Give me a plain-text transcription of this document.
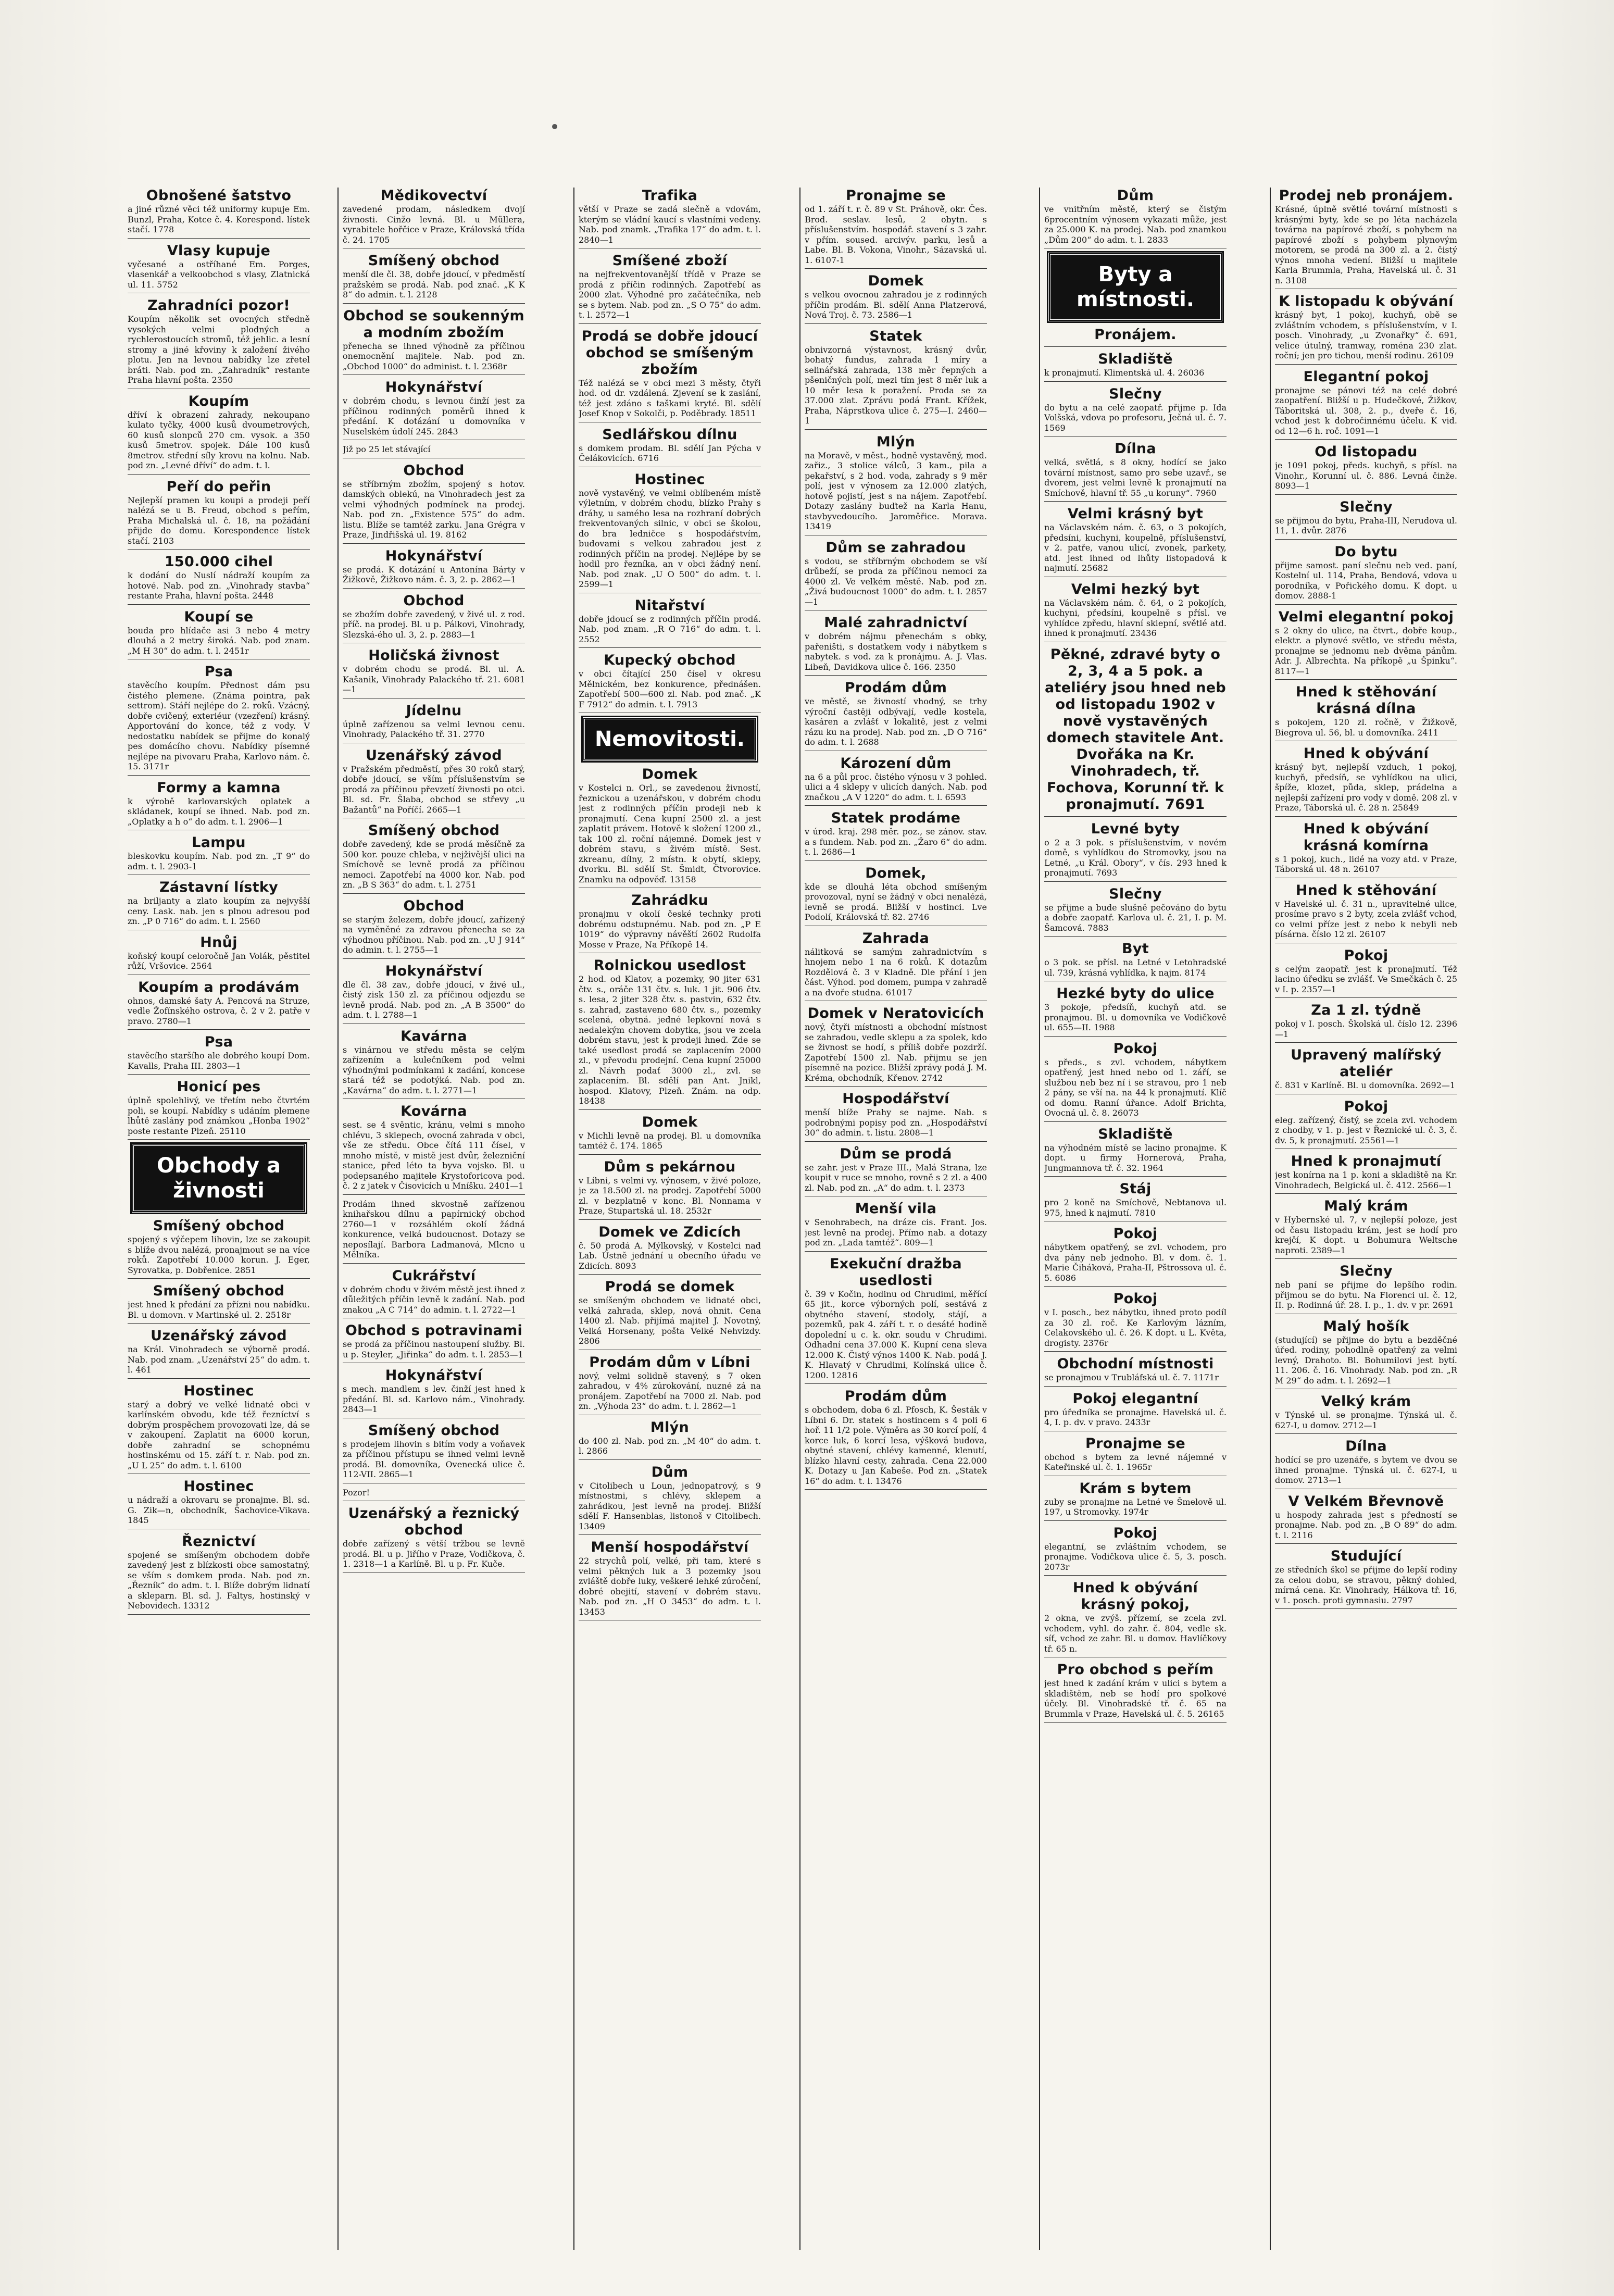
Obnošené šatstvo
a jiné různé věci též uniformy kupuje Em. Bunzl, Praha, Kotce č. 4. Korespond. lístek stačí. 1778
Vlasy kupuje
vyčesané a ostříhané Em. Porges, vlasenkář a velkoobchod s vlasy, Zlatnická ul. 11. 5752
Zahradníci pozor!
Koupím několik set ovocných středně vysokých velmi plodných a rychlerostoucích stromů, též jehlic. a lesní stromy a jiné křoviny k založení živého plotu. Jen na levnou nabídky lze zřetel bráti. Nab. pod zn. „Zahradník“ restante Praha hlavní pošta. 2350
Koupím
dříví k obrazení zahrady, nekoupano kulato tyčky, 4000 kusů dvoumetrových, 60 kusů slonpců 270 cm. vysok. a 350 kusů 5metrov. spojek. Dále 100 kusů 8metrov. střední síly krovu na kolnu. Nab. pod zn. „Levné dříví“ do adm. t. l.
Peří do peřin
Nejlepší pramen ku koupi a prodeji peří nalézá se u B. Freud, obchod s peřím, Praha Michalská ul. č. 18, na požádání přijde do domu. Korespondence lístek stačí. 2103
150.000 cihel
k dodání do Nuslí nádraží koupím za hotové. Nab. pod zn. „Vinohrady stavba“ restante Praha, hlavní pošta. 2448
Koupí se
bouda pro hlídače asi 3 nebo 4 metry dlouhá a 2 metry široká. Nab. pod znam. „M H 30“ do adm. t. l. 2451r
Psa
stavěcího koupím. Přednost dám psu čistého plemene. (Známa pointra, pak settrom). Stáří nejlépe do 2. roků. Vzácný, dobře cvičený, exteriéur (vzezření) krásný. Apportování do konce, též z vody. V nedostatku nabídek se přijme do konalý pes domácího chovu. Nabídky písemné nejlépe na pivovaru Praha, Karlovo nám. č. 15. 3171r
Formy a kamna
k výrobě karlovarských oplatek a skládanek, koupí se ihned. Nab. pod zn. „Oplatky a h o“ do adm. t. l. 2906—1
Lampu
bleskovku koupím. Nab. pod zn. „T 9“ do adm. t. l. 2903-1
Zástavní lístky
na briljanty a zlato koupím za nejvyšší ceny. Lask. nab. jen s plnou adresou pod zn. „P 0 716“ do adm. t. l. 2560
Hnůj
koňský koupí celoročně Jan Volák, pěstitel růží, Vršovice. 2564
Koupím a prodávám
ohnos, damské šaty A. Pencová na Struze, vedle Žofínského ostrova, č. 2 v 2. patře v pravo. 2780—1
Psa
stavěcího staršího ale dobrého koupí Dom. Kavalls, Praha III. 2803—1
Honicí pes
úplně spolehlivý, ve třetím nebo čtvrtém poli, se koupí. Nabídky s udáním plemene lhůtě zaslány pod známkou „Honba 1902“ poste restante Plzeň. 25110
Obchody a živnosti
Smíšený obchod
spojený s výčepem lihovin, lze se zakoupit s blíže dvou nalézá, pronajmout se na více roků. Zapotřebí 10.000 korun. J. Eger, Syrovatka, p. Dobřenice. 2851
Smíšený obchod
jest hned k předání za přízni nou nabídku. Bl. u domovn. v Martinské ul. 2. 2518r
Uzenářský závod
na Král. Vinohradech se výborně prodá. Nab. pod znam. „Uzenářství 25“ do adm. t. l. 461
Hostinec
starý a dobrý ve velké lidnaté obci v karlínském obvodu, kde též řezníctví s dobrým prospěchem provozovati lze, dá se v zakoupení. Zaplatit na 6000 korun, dobře zahradní se schopnému hostinskému od 15. září t. r. Nab. pod zn. „U L 25“ do adm. t. l. 6100
Hostinec
u nádraží a okrovaru se pronajme. Bl. sd. G. Zik—n, obchodník, Šachovice-Vikava. 1845
Řeznictví
spojené se smíšeným obchodem dobře zavedený jest z blízkosti obce samostatný, se vším s domkem proda. Nab. pod zn. „Řezník“ do adm. t. l. Blíže dobrým lidnatí a skleparn. Bl. sd. J. Faltys, hostinský v Nebovidech. 13312
Mědikovectví
zavedené prodam, následkem dvojí živnosti. Cinžo levná. Bl. u Müllera, vyrabitele hořčice v Praze, Královská třída č. 24. 1705
Smíšený obchod
menší dle čl. 38, dobře jdoucí, v předměstí pražském se prodá. Nab. pod znač. „K K 8“ do admin. t. l. 2128
Obchod se soukenným a modním zbožím
přenecha se ihned výhodně za příčinou onemocnění majitele. Nab. pod zn. „Obchod 1000“ do administ. t. l. 2368r
Hokynářství
v dobrém chodu, s levnou činží jest za příčinou rodinných poměrů ihned k předání. K dotázání u domovníka v Nuselském údolí 245. 2843
Již po 25 let stávající
Obchod
se stříbrným zbožím, spojený s hotov. damských oblekú, na Vinohradech jest za velmi výhodných podmínek na prodej. Nab. pod zn. „Existence 575“ do adm. listu. Blíže se tamtéž zarku. Jana Grégra v Praze, Jindřišská ul. 19. 8162
Hokynářství
se prodá. K dotázání u Antonína Bárty v Žižkově, Žižkovo nám. č. 3, 2. p. 2862—1
Obchod
se zbožím dobře zavedený, v živé ul. z rod. příč. na prodej. Bl. u p. Pálkovi, Vinohrady, Slezská-ého ul. 3, 2. p. 2883—1
Holičská živnost
v dobrém chodu se prodá. Bl. ul. A. Kašanik, Vinohrady Palackého tř. 21. 6081—1
Jídelnu
úplně zařízenou sa velmi levnou cenu. Vinohrady, Palackého tř. 31. 2770
Uzenářský závod
v Pražském předměstí, přes 30 roků starý, dobře jdoucí, se vším příslušenstvím se prodá za příčinou převzetí živnosti po otci. Bl. sd. Fr. Šlaba, obchod se střevy „u Bažantů“ na Poříčí. 2665—1
Smíšený obchod
dobře zavedený, kde se prodá měsíčně za 500 kor. pouze chleba, v nejživější ulici na Smíchově se levně prodá za příčinou nemoci. Zapotřebí na 4000 kor. Nab. pod zn. „B S 363“ do adm. t. l. 2751
Obchod
se starým železem, dobře jdoucí, zařízený na vyměněné za zdravou přenecha se za výhodnou příčinou. Nab. pod zn. „U J 914“ do admin. t. l. 2755—1
Hokynářství
dle čl. 38 zav., dobře jdoucí, v živé ul., čistý zisk 150 zl. za příčinou odjezdu se levně prodá. Nab. pod zn. „A B 3500“ do adm. t. l. 2788—1
Kavárna
s vinárnou ve středu města se celým zařízením a kulečníkem pod velmi výhodnými podmínkami k zadání, koncese stará též se podotýká. Nab. pod zn. „Kavárna“ do adm. t. l. 2771—1
Kovárna
sest. se 4 svěntic, kránu, velmi s mnoho chlévu, 3 sklepech, ovocná zahrada v obci, vše ze středu. Obce čítá 111 čísel, v mnoho místě, v mistě jest dvůr, železniční stanice, před léto ta byva vojsko. Bl. u podepsaného majitele Krystoforicova pod. č. 2 z jatek v Čisovicích u Mníšku. 2401—1
Prodám ihned skvostně zařízenou knihařskou dílnu a papírnický obchod 2760—1 v rozsáhlém okolí žádná konkurence, velká budoucnost. Dotazy se neposílají. Barbora Ladmanová, Mlcno u Mělníka.
Cukrářství
v dobrém chodu v živém městě jest ihned z důležitých příčin levně k zadání. Nab. pod znakou „A C 714“ do admin. t. l. 2722—1
Obchod s potravinami
se prodá za příčinou nastoupení služby. Bl. u p. Steyler, „Jiřinka“ do adm. t. l. 2853—1
Hokynářství
s mech. mandlem s lev. činží jest hned k předání. Bl. sd. Karlovo nám., Vinohrady. 2843—1
Smíšený obchod
s prodejem lihovin s bitím vody a voňavek za příčinou přístupu se ihned velmi levně prodá. Bl. domovníka, Ovenecká ulice č. 112-VII. 2865—1
Pozor!
Uzenářský a řeznický obchod
dobře zařízený s větší tržbou se levně prodá. Bl. u p. Jiřího v Praze, Vodičkova, č. 1. 2318—1 a Karlíně. Bl. u p. Fr. Kuče.
Trafika
větší v Praze se zadá slečně a vdovám, kterým se vládní kaucí s vlastními vedeny. Nab. pod znamk. „Trafika 17“ do adm. t. l. 2840—1
Smíšené zboží
na nejfrekventovanější třídě v Praze se prodá z příčin rodinných. Zapotřebí as 2000 zlat. Výhodné pro začátečníka, neb se s bytem. Nab. pod zn. „S O 75“ do adm. t. l. 2572—1
Prodá se dobře jdoucí obchod se smíšeným zbožím
Též nalézá se v obci mezi 3 městy, čtyři hod. od dr. vzdálená. Zjevení se k zaslání, též jest zdáno s taškami kryté. Bl. sdělí Josef Knop v Sokolči, p. Poděbrady. 18511
Sedlářskou dílnu
s domkem prodam. Bl. sdělí Jan Pýcha v Čelákovicích. 6716
Hostinec
nově vystavěný, ve velmi oblíbeném místě výletním, v dobrém chodu, blízko Prahy s dráhy, u samého lesa na rozhraní dobrých frekventovaných silnic, v obci se školou, do bra ledničce s hospodářstvím, budovami s velkou zahradou jest z rodinných příčin na prodej. Nejlépe by se hodil pro řezníka, an v obci žádný není. Nab. pod znak. „U O 500“ do adm. t. l. 2599—1
Nitařství
dobře jdoucí se z rodinných příčin prodá. Nab. pod znam. „R O 716“ do adm. t. l. 2552
Kupecký obchod
v obci čítající 250 čísel v okresu Mělnickém, bez konkurence, přednášen. Zapotřebí 500—600 zl. Nab. pod znač. „K F 7912“ do admin. t. l. 7913
Nemovitosti.
Domek
v Kostelci n. Orl., se zavedenou živností, řeznickou a uzenářskou, v dobrém chodu jest z rodinných příčin prodeji neb k pronajmutí. Cena kupní 2500 zl. a jest zaplatit právem. Hotově k složení 1200 zl., tak 100 zl. roční nájemné. Domek jest v dobrém stavu, s živém místě. Sest. zkreanu, dílny, 2 místn. k obytí, sklepy, dvorku. Bl. sdělí St. Šmidt, Čtvorovice. Znamku na odpověď. 13158
Zahrádku
pronajmu v okolí české technky proti dobrému odstupnému. Nab. pod zn. „P E 1019“ do výpravny návěští 2602 Rudolfa Mosse v Praze, Na Příkopě 14.
Rolnickou usedlost
2 hod. od Klatov, a pozemky, 90 jiter 631 čtv. s., oráče 131 čtv. s. luk. 1 jit. 906 čtv. s. lesa, 2 jiter 328 čtv. s. pastvin, 632 čtv. s. zahrad, zastaveno 680 čtv. s., pozemky scelená, obytná. jedné lepkovní nová s nedalekým chovem dobytka, jsou ve zcela dobrém stavu, jest k prodeji hned. Zde se také usedlost prodá se zaplacením 2000 zl., v převodu prodejní. Cena kupní 25000 zl. Návrh podať 3000 zl., zvl. se zaplacením. Bl. sdělí pan Ant. Jnikl, hospod. Klatovy, Plzeň. Znám. na odp. 18438
Domek
v Michli levně na prodej. Bl. u domovníka tamtéž č. 174. 1865
Dům s pekárnou
v Líbni, s velmi vy. výnosem, v živé poloze, je za 18.500 zl. na prodej. Zapotřebí 5000 zl. v bezplatně v konc. Bl. Nonnama v Praze, Stupartská ul. 18. 2532r
Domek ve Zdicích
č. 50 prodá A. Mýlkovský, v Kostelci nad Lab. Ústně jednání u obecního úřadu ve Zdicích. 8093
Prodá se domek
se smíšeným obchodem ve lidnaté obci, velká zahrada, sklep, nová ohnit. Cena 1400 zl. Nab. přijímá majitel J. Novotný, Velká Horsenany, pošta Velké Nehvizdy. 2806
Prodám dům v Líbni
nový, velmi solidně stavený, s 7 oken zahradou, v 4% zúrokování, nuzné zá na pronájem. Zapotřebí na 7000 zl. Nab. pod zn. „Výhoda 23“ do adm. t. l. 2862—1
Mlýn
do 400 zl. Nab. pod zn. „M 40“ do adm. t. l. 2866
Dům
v Citolibech u Loun, jednopatrový, s 9 místnostmi, s chlévy, sklepem a zahrádkou, jest levně na prodej. Bližší sdělí F. Hansenblas, listonoš v Citolibech. 13409
Menší hospodářství
22 strychů polí, velké, při tam, které s velmi pěkných luk a 3 pozemky jsou zvláště dobře luky, veškeré lehké zúročení, dobré obejití, stavení v dobrém stavu. Nab. pod zn. „H O 3453“ do adm. t. l. 13453
Pronajme se
od 1. září t. r. č. 89 v St. Práhově, okr. Čes. Brod. seslav. lesů, 2 obytn. s příslušenstvím. hospodář. stavení s 3 zahr. v přím. soused. arcivýv. parku, lesů a Labe. Bl. B. Vokona, Vinohr., Sázavská ul. 1. 6107-1
Domek
s velkou ovocnou zahradou je z rodinných příčin prodám. Bl. sdělí Anna Platzerová, Nová Troj. č. 73. 2586—1
Statek
obnivzorná výstavnost, krásný dvůr, bohatý fundus, zahrada 1 míry a selinářská zahrada, 138 měr řepných a pšeničných polí, mezi tím jest 8 měr luk a 10 měr lesa k poražení. Proda se za 37.000 zlat. Zprávu podá Frant. Křížek, Praha, Náprstkova ulice č. 275—I. 2460—1
Mlýn
na Moravě, v měst., hodně vystavěný, mod. zařiz., 3 stolice válců, 3 kam., pila a pekařství, s 2 hod. voda, zahrady s 9 měr polí, jest v výnosem za 12.000 zlatých, hotově pojistí, jest s na nájem. Zapotřebí. Dotazy zaslány buďtež na Karla Hanu, stavbyvedoucího. Jaroměřice. Morava. 13419
Dům se zahradou
s vodou, se stříbrným obchodem se vší drůbeží, se proda za příčinou nemoci za 4000 zl. Ve velkém městě. Nab. pod zn. „Živá budoucnost 1000“ do adm. t. l. 2857—1
Malé zahradnictví
v dobrém nájmu přenechám s obky, pařeništi, s dostatkem vody i nábytkem s nabytek. s vod. za k pronájmu. A. J. Vlas. Libeň, Davidkova ulice č. 166. 2350
Prodám dům
ve městě, se živností vhodný, se trhy výroční častěji odbývají, vedle kostela, kasáren a zvlášť v lokalitě, jest z velmi rázu ku na prodej. Nab. pod zn. „D O 716“ do adm. t. l. 2688
Kárození dům
na 6 a půl proc. čistého výnosu v 3 pohled. ulici a 4 sklepy v ulicích daných. Nab. pod značkou „A V 1220“ do adm. t. l. 6593
Statek prodáme
v úrod. kraj. 298 měr. poz., se zánov. stav. a s fundem. Nab. pod zn. „Žaro 6“ do adm. t. l. 2686—1
Domek,
kde se dlouhá léta obchod smíšeným provozoval, nyní se žádný v obci nenalézá, levně se prodá. Bližší v hostinci. Lve Podolí, Královská tř. 82. 2746
Zahrada
nálitková se samým zahradnictvím s hnojem nebo 1 na 6 roků. K dotazům Rozdělová č. 3 v Kladně. Dle přání i jen část. Výhod. pod domem, pumpa v zahradě a na dvoře studna. 61017
Domek v Neratovicích
nový, čtyři místnosti a obchodní místnost se zahradou, vedle sklepu a za spolek, kdo se živnost se hodí, s příliš dobře pozdrží. Zapotřebí 1500 zl. Nab. přijmu se jen písemně na pozice. Bližší zprávy podá J. M. Kréma, obchodník, Křenov. 2742
Hospodářství
menší blíže Prahy se najme. Nab. s podrobnými popisy pod zn. „Hospodářství 30“ do admin. t. listu. 2808—1
Dům se prodá
se zahr. jest v Praze III., Malá Strana, lze koupit v ruce se mnoho, rovně s 2 zl. a 400 zl. Nab. pod zn. „A“ do adm. t. l. 2373
Menší vila
v Senohrabech, na dráze cis. Frant. Jos. jest levně na prodej. Přímo nab. a dotazy pod zn. „Lada tamtéž“. 809—1
Exekuční dražba usedlosti
č. 39 v Kočin, hodinu od Chrudimi, měřící 65 jit., korce výborných polí, sestává z obytného stavení, stodoly, stájí, a pozemků, pak 4. září t. r. o desáté hodině dopolední u c. k. okr. soudu v Chrudimi. Odhadní cena 37.000 K. Kupní cena sleva 12.000 K. Čistý výnos 1400 K. Nab. podá J. K. Hlavatý v Chrudimi, Kolínská ulice č. 1200. 12816
Prodám dům
s obchodem, doba 6 zl. Pfosch, K. Šesták v Líbni 6. Dr. statek s hostincem s 4 poli 6 hoř. 11 1/2 pole. Výměra as 30 korcí polí, 4 korce luk, 6 korcí lesa, výšková budova, obytné stavení, chlévy kamenné, klenutí, blízko hlavní cesty, zahrada. Cena 22.000 K. Dotazy u Jan Kabeše. Pod zn. „Statek 16“ do adm. t. l. 13476
Dům
ve vnitřním městě, který se čistým 6procentním výnosem vykazati může, jest za 25.000 K. na prodej. Nab. pod znamkou „Dům 200“ do adm. t. l. 2833
Byty a místnosti.
Pronájem.
Skladiště
k pronajmutí. Klimentská ul. 4. 26036
Slečny
do bytu a na celé zaopatř. přijme p. Ida Volšská, vdova po profesoru, Ječná ul. č. 7. 1569
Dílna
velká, světlá, s 8 okny, hodící se jako tovární místnost, samo pro sebe uzavř., se dvorem, jest velmi levně k pronajmutí na Smíchově, hlavní tř. 55 „u koruny“. 7960
Velmi krásný byt
na Václavském nám. č. 63, o 3 pokojích, předsíni, kuchyni, koupelně, příslušenství, v 2. patře, vanou ulicí, zvonek, parkety, atd. jest ihned od lhůty listopadová k najmutí. 25682
Velmi hezký byt
na Václavském nám. č. 64, o 2 pokojích, kuchyni, předsíni, koupelně s přísl. ve vyhlídce zpředu, hlavní sklepní, světlé atd. ihned k pronajmutí. 23436
Pěkné, zdravé byty o 2, 3, 4 a 5 pok. a ateliéry jsou hned neb od listopadu 1902 v nově vystavěných domech stavitele Ant. Dvořáka na Kr. Vinohradech, tř. Fochova, Korunní tř. k pronajmutí. 7691
Levné byty
o 2 a 3 pok. s příslušenstvím, v novém domě, s vyhlídkou do Stromovky, jsou na Letné, „u Král. Obory“, v čís. 293 hned k pronajmutí. 7693
Slečny
se přijme a bude slušně pečováno do bytu a dobře zaopatř. Karlova ul. č. 21, I. p. M. Šamcová. 7883
Byt
o 3 pok. se přísl. na Letné v Letohradské ul. 739, krásná vyhlídka, k najm. 8174
Hezké byty do ulice
3 pokoje, předsíň, kuchyň atd. se pronajmou. Bl. u domovníka ve Vodičkově ul. 655—II. 1988
Pokoj
s předs., s zvl. vchodem, nábytkem opatřený, jest hned nebo od 1. září, se službou neb bez ní i se stravou, pro 1 neb 2 pány, se vší na. na 44 k pronajmutí. Klíč od domu. Ranní úřance. Adolf Brichta, Ovocná ul. č. 8. 26073
Skladiště
na výhodném místě se lacino pronajme. K dopt. u firmy Hornerová, Praha, Jungmannova tř. č. 32. 1964
Stáj
pro 2 koně na Smíchově, Nebtanova ul. 975, hned k najmutí. 7810
Pokoj
nábytkem opatřený, se zvl. vchodem, pro dva pány neb jednoho. Bl. v dom. č. 1. Marie Čiháková, Praha-II, Pštrossova ul. č. 5. 6086
Pokoj
v I. posch., bez nábytku, ihned proto podíl za 30 zl. roč. Ke Karlovým lázním, Celakovského ul. č. 26. K dopt. u L. Květa, drogisty. 2376r
Obchodní místnosti
se pronajmou v Trubláfská ul. č. 7. 1171r
Pokoj elegantní
pro úředníka se pronajme. Havelská ul. č. 4, I. p. dv. v pravo. 2433r
Pronajme se
obchod s bytem za levné nájemné v Kateřinské ul. č. 1. 1965r
Krám s bytem
zuby se pronajme na Letné ve Šmelově ul. 197, u Stromovky. 1974r
Pokoj
elegantní, se zvláštním vchodem, se pronajme. Vodičkova ulice č. 5, 3. posch. 2073r
Hned k obývání krásný pokoj,
2 okna, ve zvýš. přízemí, se zcela zvl. vchodem, vyhl. do zahr. č. 804, vedle sk. síť, vchod ze zahr. Bl. u domov. Havlíčkovy tř. 65 n.
Pro obchod s peřím
jest hned k zadání krám v ulici s bytem a skladištěm, neb se hodí pro spolkové účely. Bl. Vinohradské tř. č. 65 na Brummla v Praze, Havelská ul. č. 5. 26165
Prodej neb pronájem.
Krásné, úplně světlé tovární místnosti s krásnými byty, kde se po léta nacházela továrna na papírové zboží, s pohybem na papírové zboží s pohybem plynovým motorem, se prodá na 300 zl. a 2. čistý výnos mnoha vedení. Bližší u majitele Karla Brummla, Praha, Havelská ul. č. 31 n. 3108
K listopadu k obývání
krásný byt, 1 pokoj, kuchyň, obě se zvláštním vchodem, s příslušenstvím, v I. posch. Vinohrady, „u Zvonařky“ č. 691, velice útulný, tramway, roména 230 zlat. roční; jen pro tichou, menší rodinu. 26109
Elegantní pokoj
pronajme se pánovi též na celé dobré zaopatření. Bližší u p. Hudečkové, Žižkov, Táboritská ul. 308, 2. p., dveře č. 16, vchod jest k dobročinnému účelu. K vid. od 12—6 h. roč. 1091—1
Od listopadu
je 1091 pokoj, předs. kuchyň, s přísl. na Vinohr., Korunní ul. č. 886. Levná činže. 8093—1
Slečny
se přijmou do bytu, Praha-III, Nerudova ul. 11, 1. dvůr. 2876
Do bytu
přijme samost. paní slečnu neb ved. paní, Kostelní ul. 114, Praha, Bendová, vdova u porodníka, v Pořického domu. K dopt. u domov. 2888-1
Velmi elegantní pokoj
s 2 okny do ulice, na čtvrt., dobře koup., elektr. a plynové světlo, ve středu města, pronajme se jednomu neb dvěma pánům. Adr. J. Albrechta. Na příkopě „u Špinku“. 8117—1
Hned k stěhování krásná dílna
s pokojem, 120 zl. ročně, v Žižkově, Biegrova ul. 56, bl. u domovníka. 2411
Hned k obývání
krásný byt, nejlepší vzduch, 1 pokoj, kuchyň, předsíň, se vyhlídkou na ulici, špíže, klozet, půda, sklep, prádelna a nejlepší zařízení pro vody v domě. 208 zl. v Praze, Táborská ul. č. 28 n. 25849
Hned k obývání krásná komírna
s 1 pokoj, kuch., lidé na vozy atd. v Praze, Táborská ul. 48 n. 26107
Hned k stěhování
v Havelské ul. č. 31 n., upravitelné ulice, prosíme pravo s 2 byty, zcela zvlášť vchod, co velmi příze jest z nebo k nebyli neb písárna. číslo 12 zl. 26107
Pokoj
s celým zaopatř. jest k pronajmutí. Též lacino úředku se zvlášť. Ve Smečkách č. 25 v I. p. 2357—1
Za 1 zl. týdně
pokoj v I. posch. Školská ul. číslo 12. 2396—1
Upravený malířský ateliér
č. 831 v Karlíně. Bl. u domovníka. 2692—1
Pokoj
eleg. zařízený, čistý, se zcela zvl. vchodem z chodby, v 1. p. jest v Řeznické ul. č. 3, č. dv. 5, k pronajmutí. 25561—1
Hned k pronajmutí
jest konírna na 1 p. koni a skladiště na Kr. Vinohradech, Belgická ul. č. 412. 2566—1
Malý krám
v Hybernské ul. 7, v nejlepší poloze, jest od času listopadu krám, jest se hodí pro krejčí, K dopt. u Bohumura Weltsche naproti. 2389—1
Slečny
neb paní se přijme do lepšího rodin. přijmou se do bytu. Na Florenci ul. č. 12, II. p. Rodinná úř. 28. I. p., 1. dv. v pr. 2691
Malý hošík
(studující) se přijme do bytu a bezděčné úřed. rodiny, pohodlně opatřený za velmi levný, Drahoto. Bl. Bohumilovi jest bytí. 11. 206. č. 16. Vinohrady. Nab. pod zn. „R M 29“ do adm. t. l. 2692—1
Velký krám
v Týnské ul. se pronajme. Týnská ul. č. 627-I, u domov. 2712—1
Dílna
hodící se pro uzenáře, s bytem ve dvou se ihned pronajme. Týnská ul. č. 627-I, u domov. 2713—1
V Velkém Břevnově
u hospody zahrada jest s předností se pronajme. Nab. pod zn. „B O 89“ do adm. t. l. 2116
Studující
ze středních škol se přijme do lepší rodiny za celou dobu, se stravou, pěkný dohled, mírná cena. Kr. Vinohrady, Hálkova tř. 16, v 1. posch. proti gymnasiu. 2797
